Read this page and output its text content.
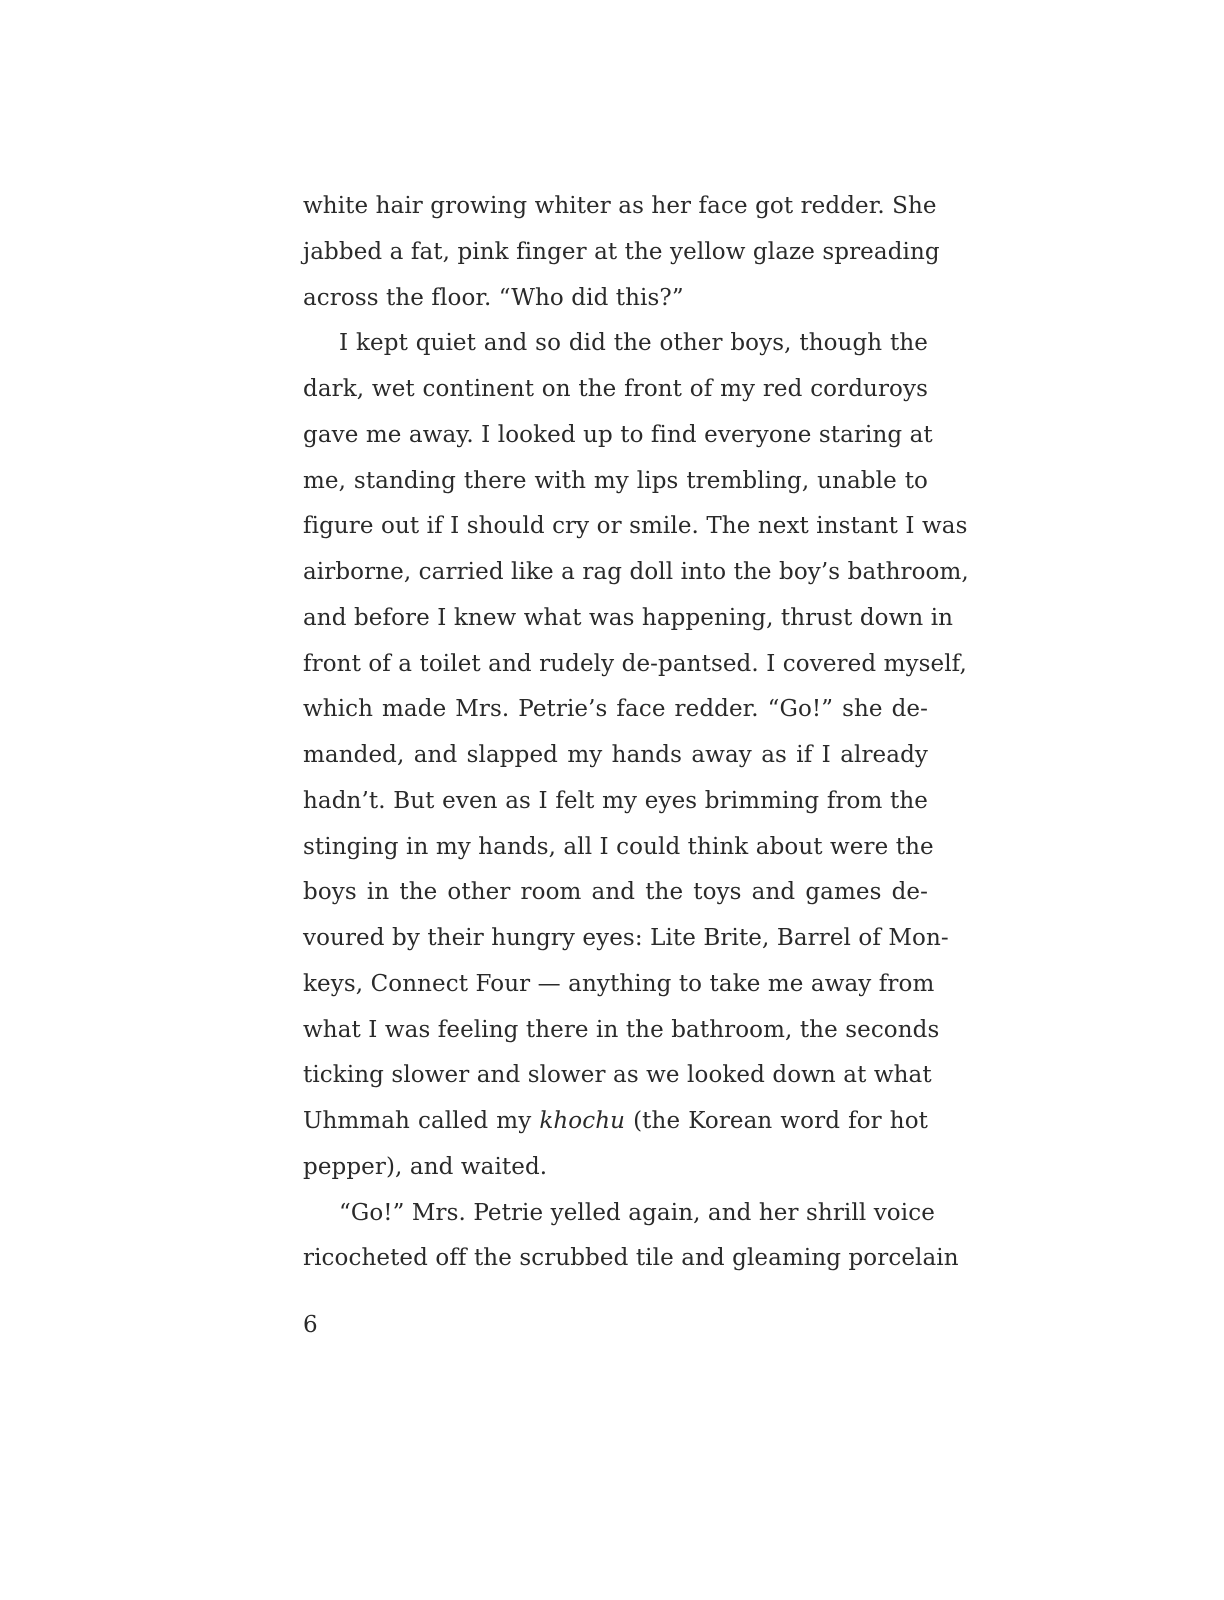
white hair growing whiter as her face got redder. She
jabbed a fat, pink finger at the yellow glaze spreading
across the floor. “Who did this?”
I kept quiet and so did the other boys, though the
dark, wet continent on the front of my red corduroys
gave me away. I looked up to find everyone staring at
me, standing there with my lips trembling, unable to
figure out if I should cry or smile. The next instant I was
airborne, carried like a rag doll into the boy’s bathroom,
and before I knew what was happening, thrust down in
front of a toilet and rudely de-pantsed. I covered myself,
which made Mrs. Petrie’s face redder. “Go!” she de-
manded, and slapped my hands away as if I already
hadn’t. But even as I felt my eyes brimming from the
stinging in my hands, all I could think about were the
boys in the other room and the toys and games de-
voured by their hungry eyes: Lite Brite, Barrel of Mon-
keys, Connect Four — anything to take me away from
what I was feeling there in the bathroom, the seconds
ticking slower and slower as we looked down at what
Uhmmah called my khochu (the Korean word for hot
pepper), and waited.
“Go!” Mrs. Petrie yelled again, and her shrill voice
ricocheted off the scrubbed tile and gleaming porcelain
6
